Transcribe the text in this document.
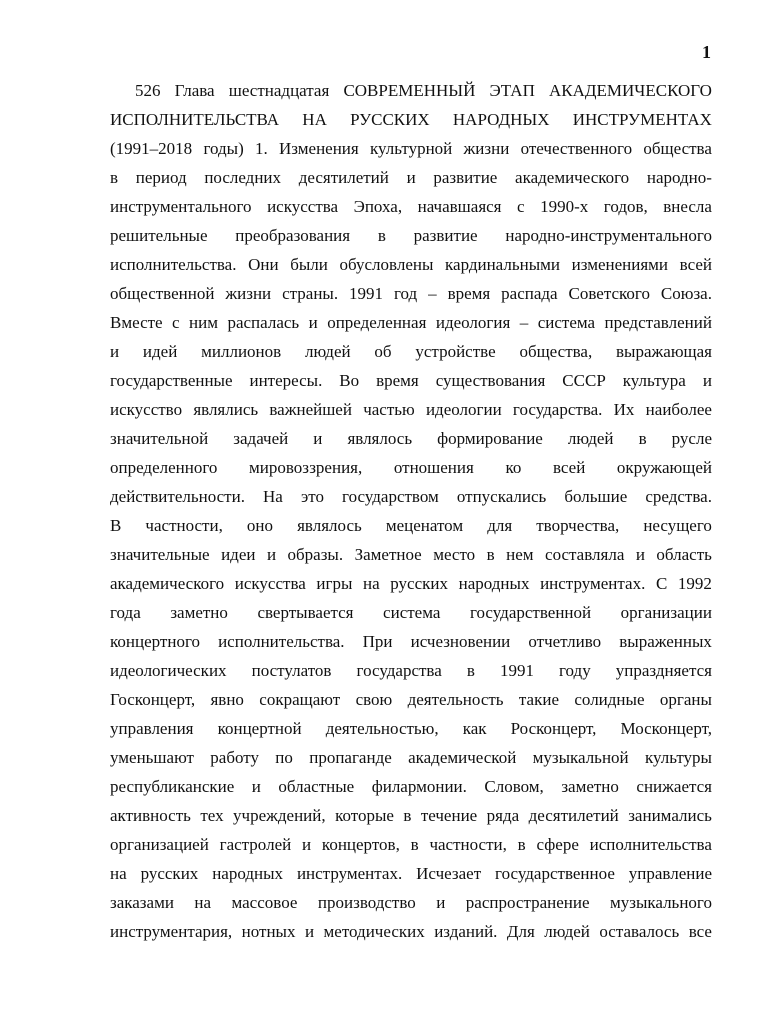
1
526 Глава шестнадцатая СОВРЕМЕННЫЙ ЭТАП АКАДЕМИЧЕСКОГО
ИСПОЛНИТЕЛЬСТВА НА РУССКИХ НАРОДНЫХ ИНСТРУМЕНТАХ
(1991–2018 годы) 1. Изменения культурной жизни отечественного общества
в период последних десятилетий и развитие академического народно-
инструментального искусства Эпоха, начавшаяся с 1990-х годов, внесла
решительные преобразования в развитие народно-инструментального
исполнительства. Они были обусловлены кардинальными изменениями всей
общественной жизни страны. 1991 год – время распада Советского Союза.
Вместе с ним распалась и определенная идеология – система представлений
и идей миллионов людей об устройстве общества, выражающая
государственные интересы. Во время существования СССР культура и
искусство являлись важнейшей частью идеологии государства. Их наиболее
значительной задачей и являлось формирование людей в русле
определенного мировоззрения, отношения ко всей окружающей
действительности. На это государством отпускались большие средства.
В частности, оно являлось меценатом для творчества, несущего
значительные идеи и образы. Заметное место в нем составляла и область
академического искусства игры на русских народных инструментах. С 1992
года заметно свертывается система государственной организации
концертного исполнительства. При исчезновении отчетливо выраженных
идеологических постулатов государства в 1991 году упраздняется
Госконцерт, явно сокращают свою деятельность такие солидные органы
управления концертной деятельностью, как Росконцерт, Москонцерт,
уменьшают работу по пропаганде академической музыкальной культуры
республиканские и областные филармонии. Словом, заметно снижается
активность тех учреждений, которые в течение ряда десятилетий занимались
организацией гастролей и концертов, в частности, в сфере исполнительства
на русских народных инструментах. Исчезает государственное управление
заказами на массовое производство и распространение музыкального
инструментария, нотных и методических изданий. Для людей оставалось все
